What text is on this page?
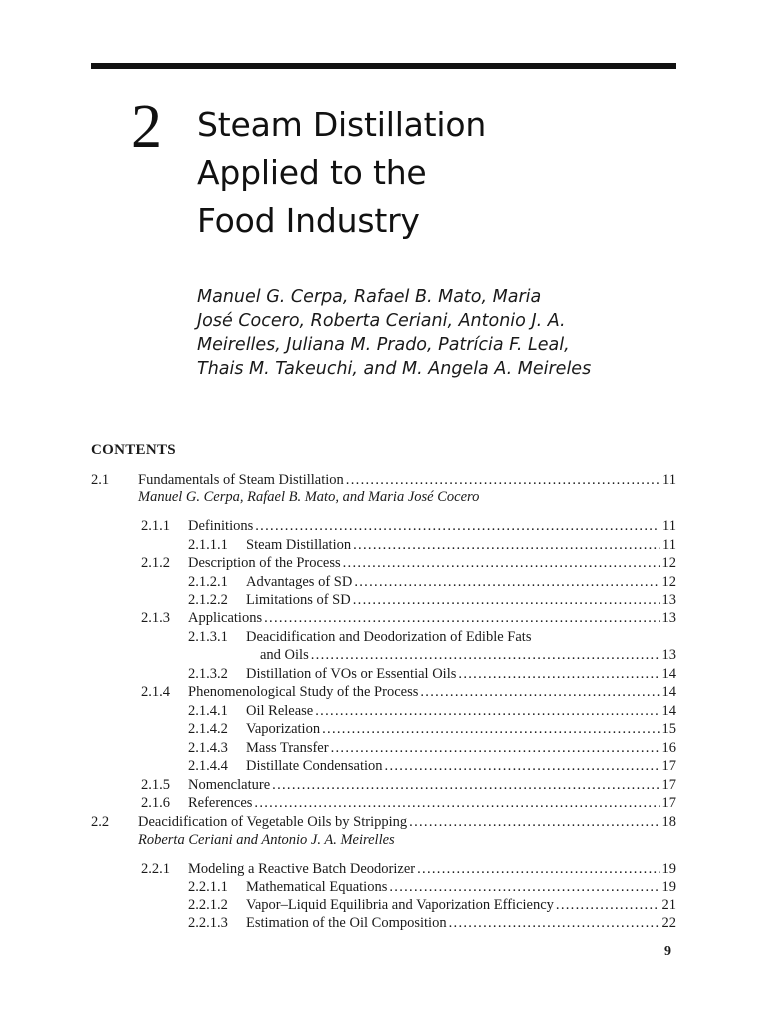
2 Steam Distillation
Applied to the
Food Industry
Manuel G. Cerpa, Rafael B. Mato, Maria
José Cocero, Roberta Ceriani, Antonio J. A.
Meirelles, Juliana M. Prado, Patrícia F. Leal,
Thais M. Takeuchi, and M. Angela A. Meireles
CONTENTS
2.1 Fundamentals of Steam Distillation .....	11
Manuel G. Cerpa, Rafael B. Mato, and Maria José Cocero
2.1.1 Definitions .....	11
2.1.1.1 Steam Distillation .....	11
2.1.2 Description of the Process .....	12
2.1.2.1 Advantages of SD .....	12
2.1.2.2 Limitations of SD .....	13
2.1.3 Applications .....	13
2.1.3.1 Deacidification and Deodorization of Edible Fats
and Oils .....	13
2.1.3.2 Distillation of VOs or Essential Oils .....	14
2.1.4 Phenomenological Study of the Process .....	14
2.1.4.1 Oil Release .....	14
2.1.4.2 Vaporization .....	15
2.1.4.3 Mass Transfer .....	16
2.1.4.4 Distillate Condensation .....	17
2.1.5 Nomenclature .....	17
2.1.6 References .....	17
2.2 Deacidification of Vegetable Oils by Stripping .....	18
Roberta Ceriani and Antonio J. A. Meirelles
2.2.1 Modeling a Reactive Batch Deodorizer .....	19
2.2.1.1 Mathematical Equations .....	19
2.2.1.2 Vapor–Liquid Equilibria and Vaporization Efficiency .....	21
2.2.1.3 Estimation of the Oil Composition .....	22
9
